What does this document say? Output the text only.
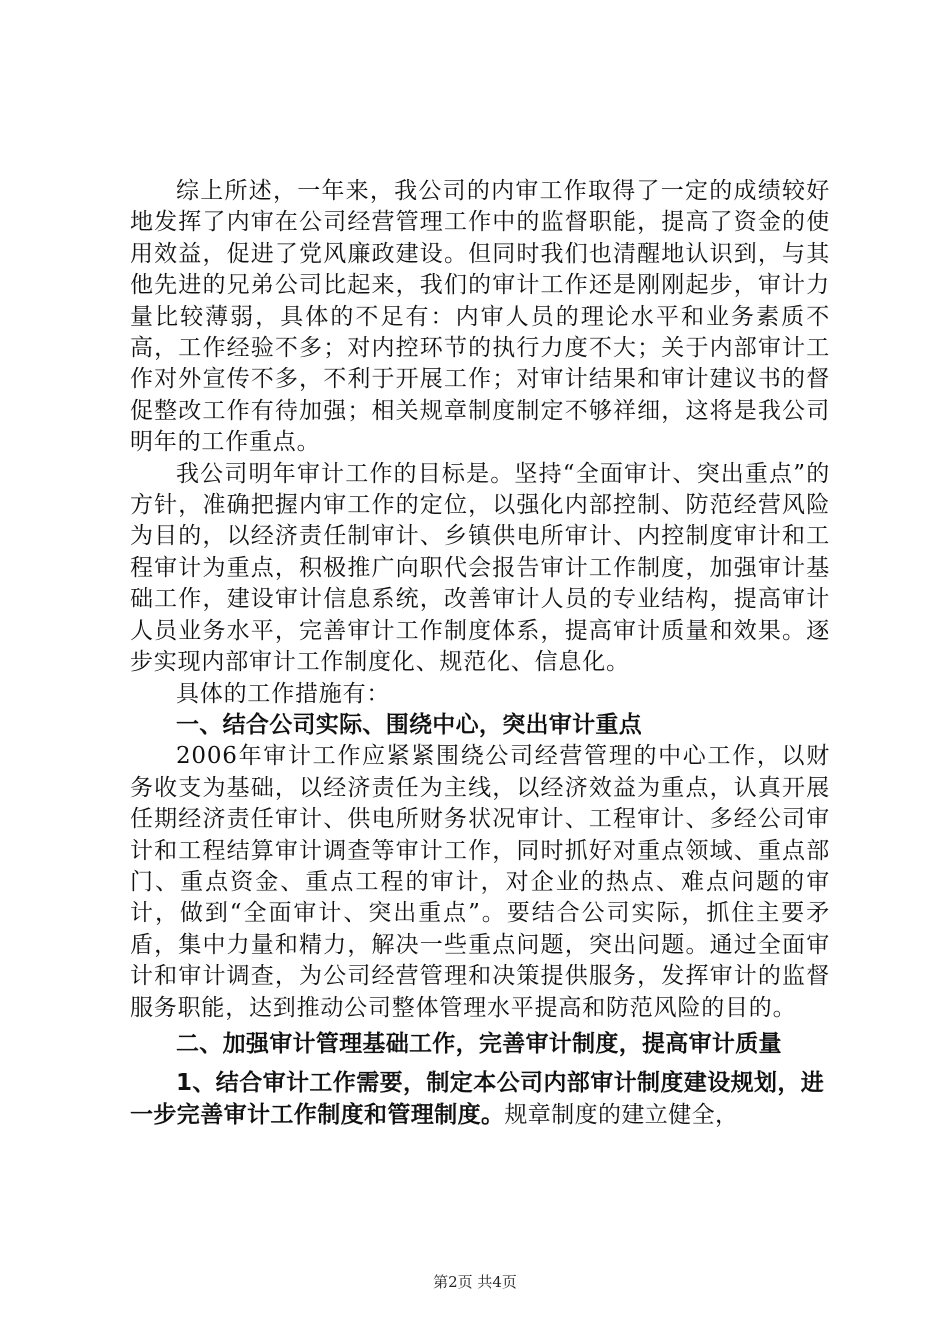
综上所述，一年来，我公司的内审工作取得了一定的成绩较好地发挥了内审在公司经营管理工作中的监督职能，提高了资金的使用效益，促进了党风廉政建设。但同时我们也清醒地认识到，与其他先进的兄弟公司比起来，我们的审计工作还是刚刚起步，审计力量比较薄弱，具体的不足有：内审人员的理论水平和业务素质不高，工作经验不多；对内控环节的执行力度不大；关于内部审计工作对外宣传不多，不利于开展工作；对审计结果和审计建议书的督促整改工作有待加强；相关规章制度制定不够祥细，这将是我公司明年的工作重点。

我公司明年审计工作的目标是。坚持“全面审计、突出重点”的方针，准确把握内审工作的定位，以强化内部控制、防范经营风险为目的，以经济责任制审计、乡镇供电所审计、内控制度审计和工程审计为重点，积极推广向职代会报告审计工作制度，加强审计基础工作，建设审计信息系统，改善审计人员的专业结构，提高审计人员业务水平，完善审计工作制度体系，提高审计质量和效果。逐步实现内部审计工作制度化、规范化、信息化。

具体的工作措施有：

一、结合公司实际、围绕中心，突出审计重点

2006年审计工作应紧紧围绕公司经营管理的中心工作，以财务收支为基础，以经济责任为主线，以经济效益为重点，认真开展任期经济责任审计、供电所财务状况审计、工程审计、多经公司审计和工程结算审计调查等审计工作，同时抓好对重点领域、重点部门、重点资金、重点工程的审计，对企业的热点、难点问题的审计，做到“全面审计、突出重点”。要结合公司实际，抓住主要矛盾，集中力量和精力，解决一些重点问题，突出问题。通过全面审计和审计调查，为公司经营管理和决策提供服务，发挥审计的监督服务职能，达到推动公司整体管理水平提高和防范风险的目的。

二、加强审计管理基础工作，完善审计制度，提高审计质量

1、结合审计工作需要，制定本公司内部审计制度建设规划，进一步完善审计工作制度和管理制度。规章制度的建立健全，

第2页 共4页
